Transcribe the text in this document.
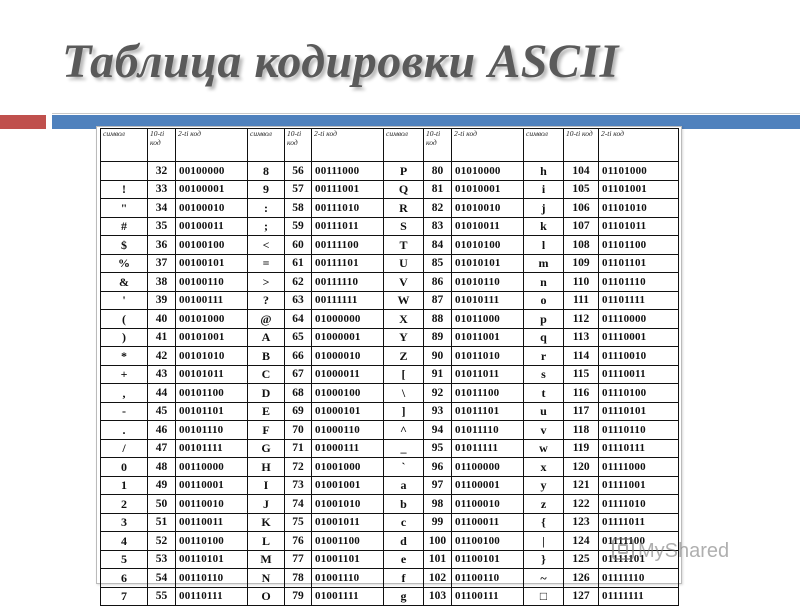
Таблица кодировки ASCII
символ	10-ti код	2-ti код	символ	10-ti код	2-ti код	символ	10-ti код	2-ti код	символ	10-ti код	2-ti код
	32	00100000	8	56	00111000	P	80	01010000	h	104	01101000
!	33	00100001	9	57	00111001	Q	81	01010001	i	105	01101001
"	34	00100010	:	58	00111010	R	82	01010010	j	106	01101010
#	35	00100011	;	59	00111011	S	83	01010011	k	107	01101011
$	36	00100100	<	60	00111100	T	84	01010100	l	108	01101100
%	37	00100101	=	61	00111101	U	85	01010101	m	109	01101101
&	38	00100110	>	62	00111110	V	86	01010110	n	110	01101110
'	39	00100111	?	63	00111111	W	87	01010111	o	111	01101111
(	40	00101000	@	64	01000000	X	88	01011000	p	112	01110000
)	41	00101001	A	65	01000001	Y	89	01011001	q	113	01110001
*	42	00101010	B	66	01000010	Z	90	01011010	r	114	01110010
+	43	00101011	C	67	01000011	[	91	01011011	s	115	01110011
,	44	00101100	D	68	01000100	\	92	01011100	t	116	01110100
-	45	00101101	E	69	01000101	]	93	01011101	u	117	01110101
.	46	00101110	F	70	01000110	^	94	01011110	v	118	01110110
/	47	00101111	G	71	01000111	_	95	01011111	w	119	01110111
0	48	00110000	H	72	01001000	`	96	01100000	x	120	01111000
1	49	00110001	I	73	01001001	a	97	01100001	y	121	01111001
2	50	00110010	J	74	01001010	b	98	01100010	z	122	01111010
3	51	00110011	K	75	01001011	c	99	01100011	{	123	01111011
4	52	00110100	L	76	01001100	d	100	01100100	|	124	01111100
5	53	00110101	M	77	01001101	e	101	01100101	}	125	01111101
6	54	00110110	N	78	01001110	f	102	01100110	~	126	01111110
7	55	00110111	O	79	01001111	g	103	01100111	□	127	01111111
MyShared
